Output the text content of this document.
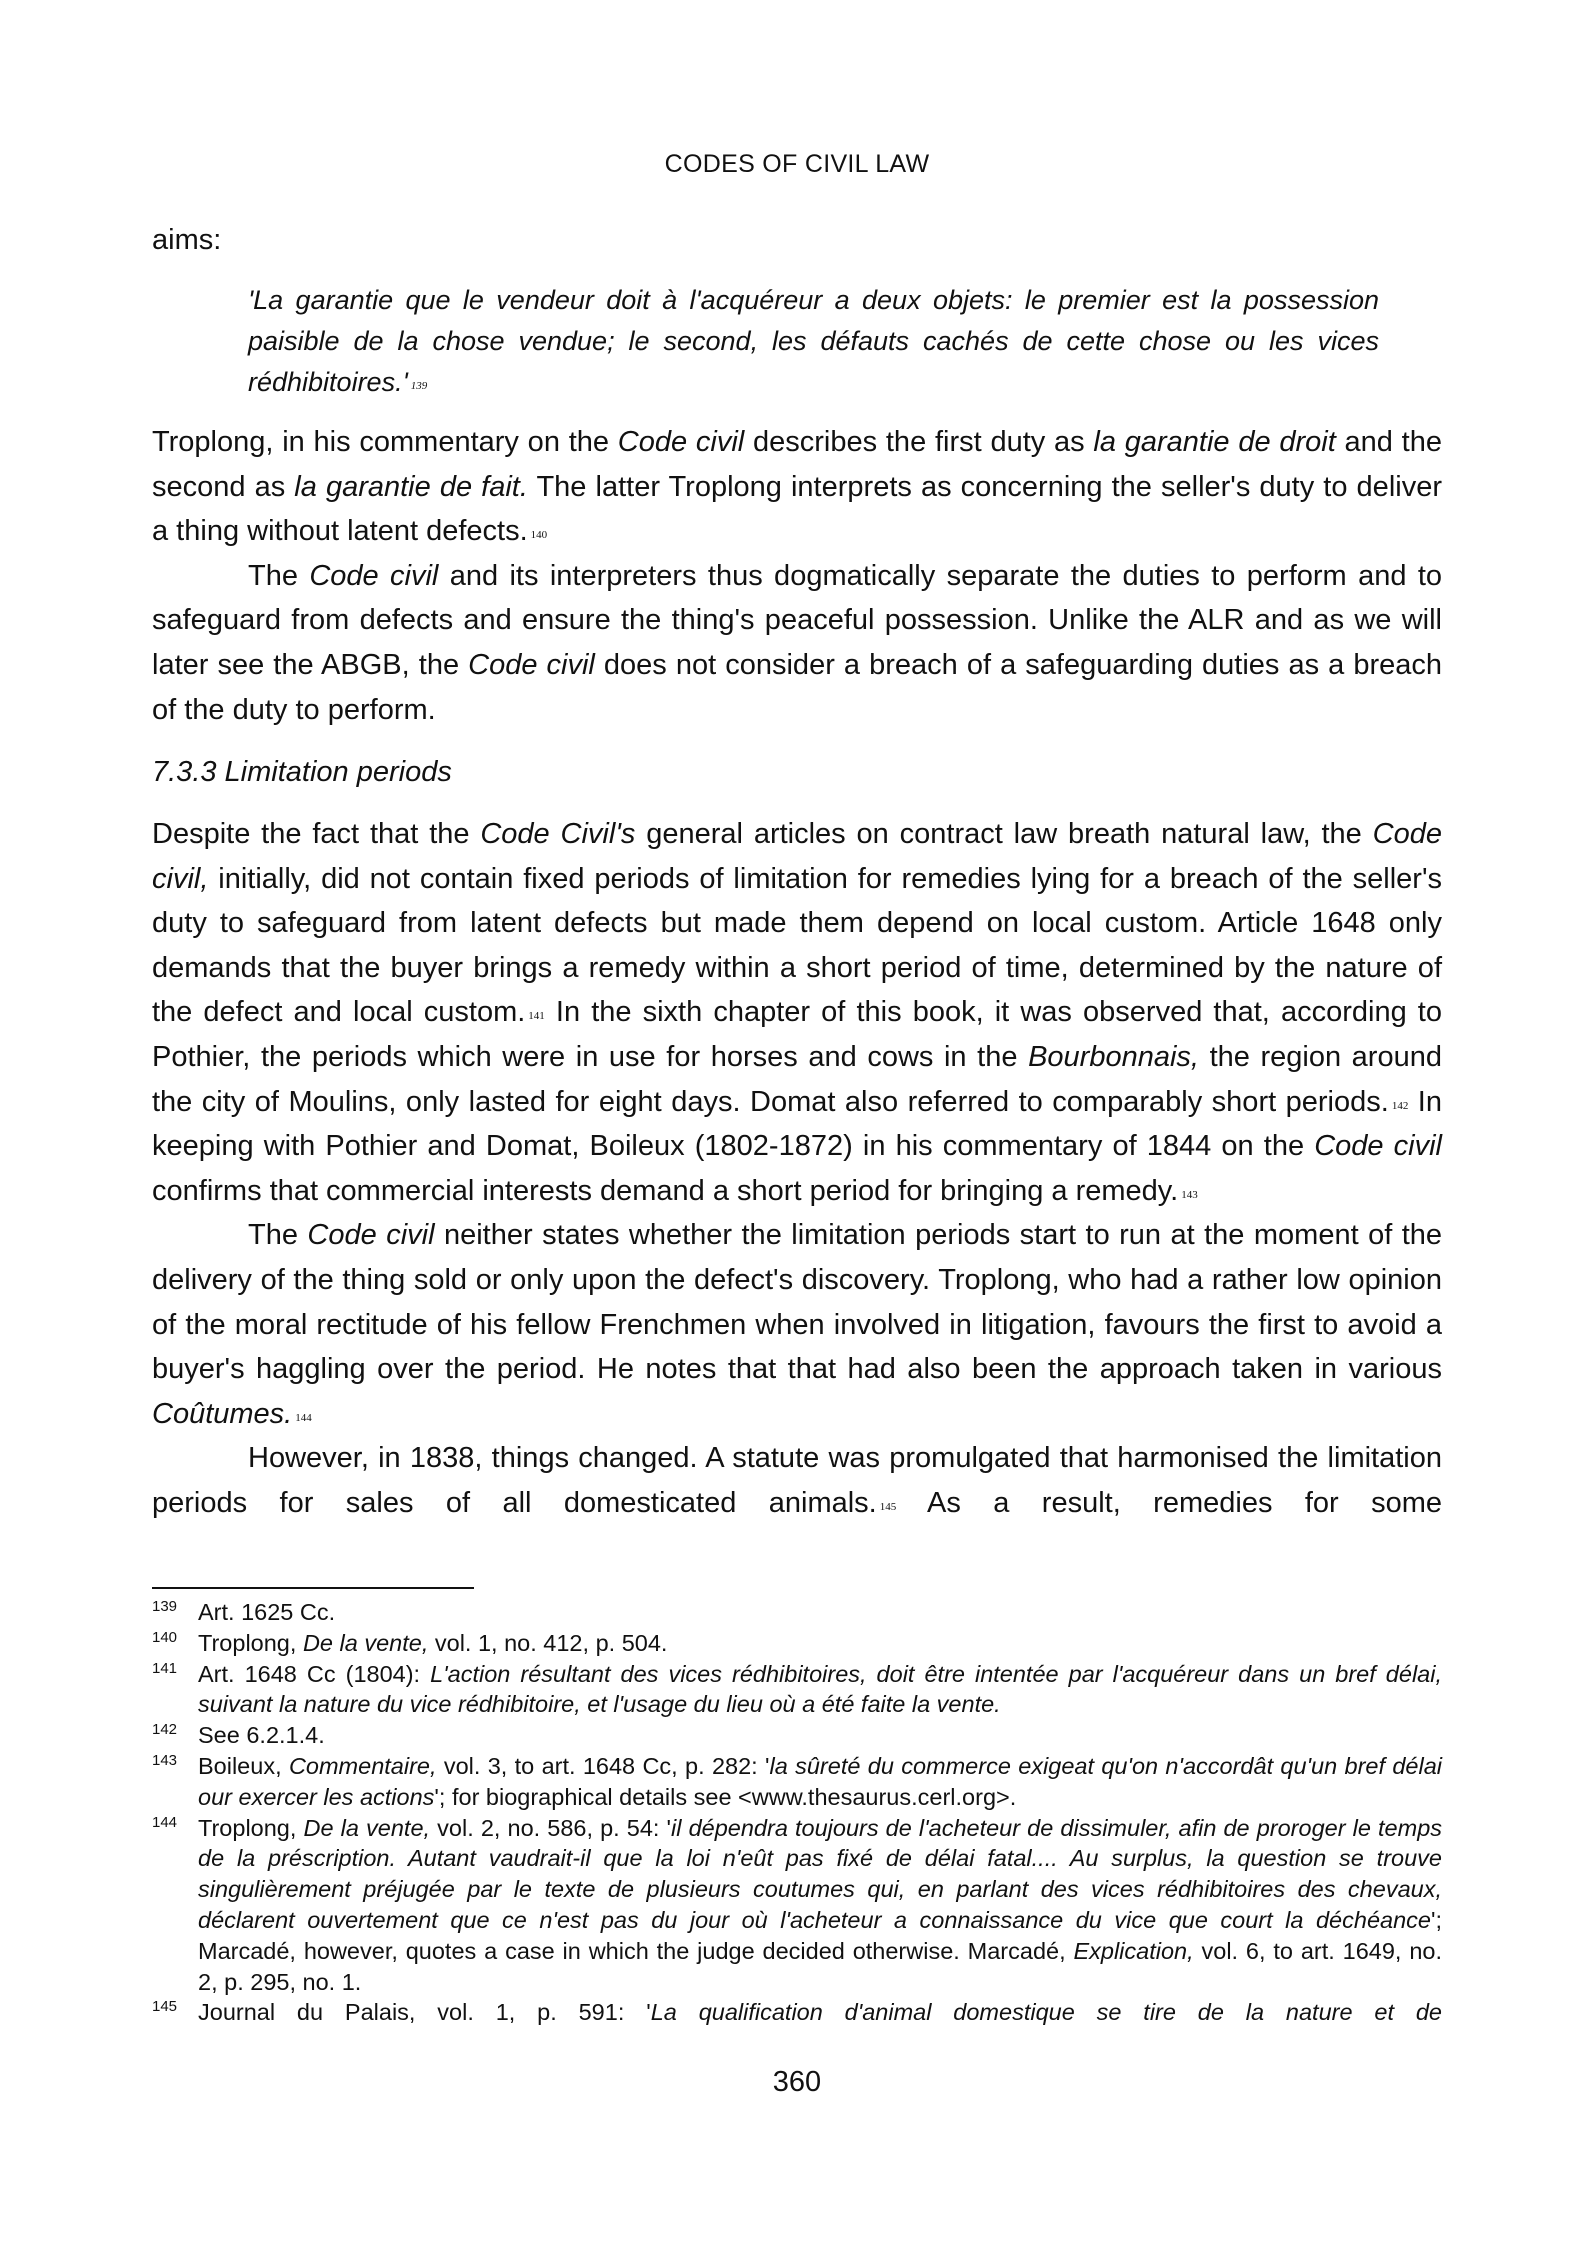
CODES OF CIVIL LAW
aims:
'La garantie que le vendeur doit à l'acquéreur a deux objets: le premier est la possession paisible de la chose vendue; le second, les défauts cachés de cette chose ou les vices rédhibitoires.' $^{139}$

Troplong, in his commentary on the Code civil describes the first duty as la garantie de droit and the second as la garantie de fait. The latter Troplong interprets as concerning the seller's duty to deliver a thing without latent defects. $^{140}$

The Code civil and its interpreters thus dogmatically separate the duties to perform and to safeguard from defects and ensure the thing's peaceful possession. Unlike the ALR and as we will later see the ABGB, the Code civil does not consider a breach of a safeguarding duties as a breach of the duty to perform.

7.3.3 Limitation periods

Despite the fact that the Code Civil's general articles on contract law breath natural law, the Code civil, initially, did not contain fixed periods of limitation for remedies lying for a breach of the seller's duty to safeguard from latent defects but made them depend on local custom. Article 1648 only demands that the buyer brings a remedy within a short period of time, determined by the nature of the defect and local custom. $^{141}$ In the sixth chapter of this book, it was observed that, according to Pothier, the periods which were in use for horses and cows in the Bourbonnais, the region around the city of Moulins, only lasted for eight days. Domat also referred to comparably short periods. $^{142}$ In keeping with Pothier and Domat, Boileux (1802-1872) in his commentary of 1844 on the Code civil confirms that commercial interests demand a short period for bringing a remedy. $^{143}$

The Code civil neither states whether the limitation periods start to run at the moment of the delivery of the thing sold or only upon the defect's discovery. Troplong, who had a rather low opinion of the moral rectitude of his fellow Frenchmen when involved in litigation, favours the first to avoid a buyer's haggling over the period. He notes that that had also been the approach taken in various Coûtumes. $^{144}$

However, in 1838, things changed. A statute was promulgated that harmonised the limitation periods for sales of all domesticated animals. $^{145}$ As a result, remedies for some

139 Art. 1625 Cc.
140 Troplong, De la vente, vol. 1, no. 412, p. 504.
141 Art. 1648 Cc (1804): L'action résultant des vices rédhibitoires, doit être intentée par l'acquéreur dans un bref délai, suivant la nature du vice rédhibitoire, et l'usage du lieu où a été faite la vente.
142 See 6.2.1.4.
143 Boileux, Commentaire, vol. 3, to art. 1648 Cc, p. 282: 'la sûreté du commerce exigeat qu'on n'accordât qu'un bref délai our exercer les actions'; for biographical details see <www.thesaurus.cerl.org>.
144 Troplong, De la vente, vol. 2, no. 586, p. 54: 'il dépendra toujours de l'acheteur de dissimuler, afin de proroger le temps de la préscription. Autant vaudrait-il que la loi n'eût pas fixé de délai fatal.... Au surplus, la question se trouve singulièrement préjugée par le texte de plusieurs coutumes qui, en parlant des vices rédhibitoires des chevaux, déclarent ouvertement que ce n'est pas du jour où l'acheteur a connaissance du vice que court la déchéance'; Marcadé, however, quotes a case in which the judge decided otherwise. Marcadé, Explication, vol. 6, to art. 1649, no. 2, p. 295, no. 1.
145 Journal du Palais, vol. 1, p. 591: 'La qualification d'animal domestique se tire de la nature et de
360
